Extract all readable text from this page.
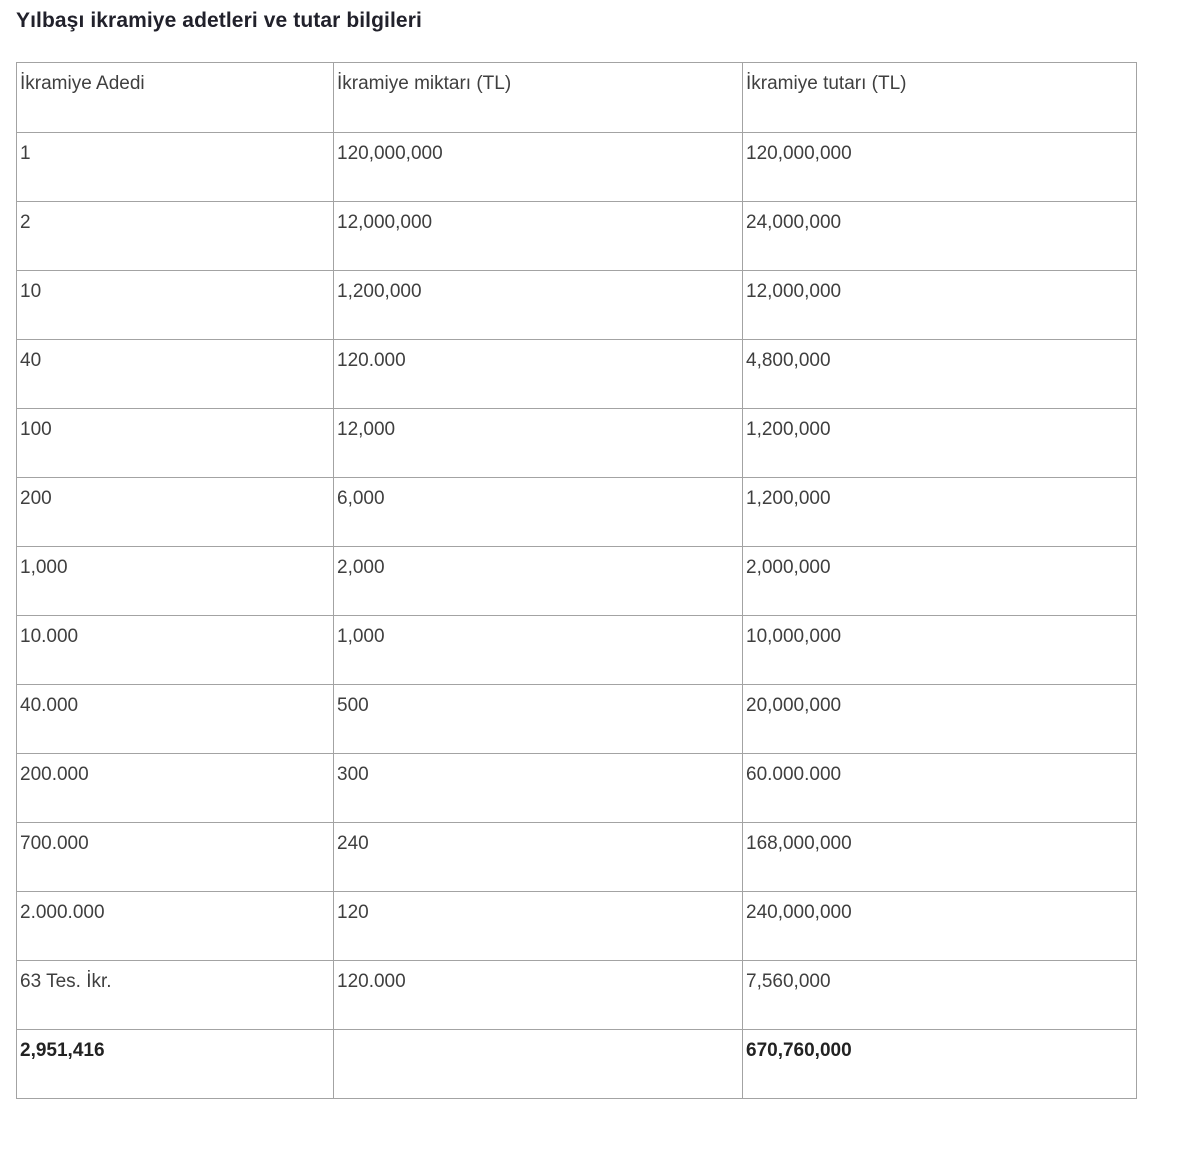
Yılbaşı ikramiye adetleri ve tutar bilgileri
İkramiye Adedi	İkramiye miktarı (TL)	İkramiye tutarı (TL)
1	120,000,000	120,000,000
2	12,000,000	24,000,000
10	1,200,000	12,000,000
40	120.000	4,800,000
100	12,000	1,200,000
200	6,000	1,200,000
1,000	2,000	2,000,000
10.000	1,000	10,000,000
40.000	500	20,000,000
200.000	300	60.000.000
700.000	240	168,000,000
2.000.000	120	240,000,000
63 Tes. İkr.	120.000	7,560,000
2,951,416		670,760,000
